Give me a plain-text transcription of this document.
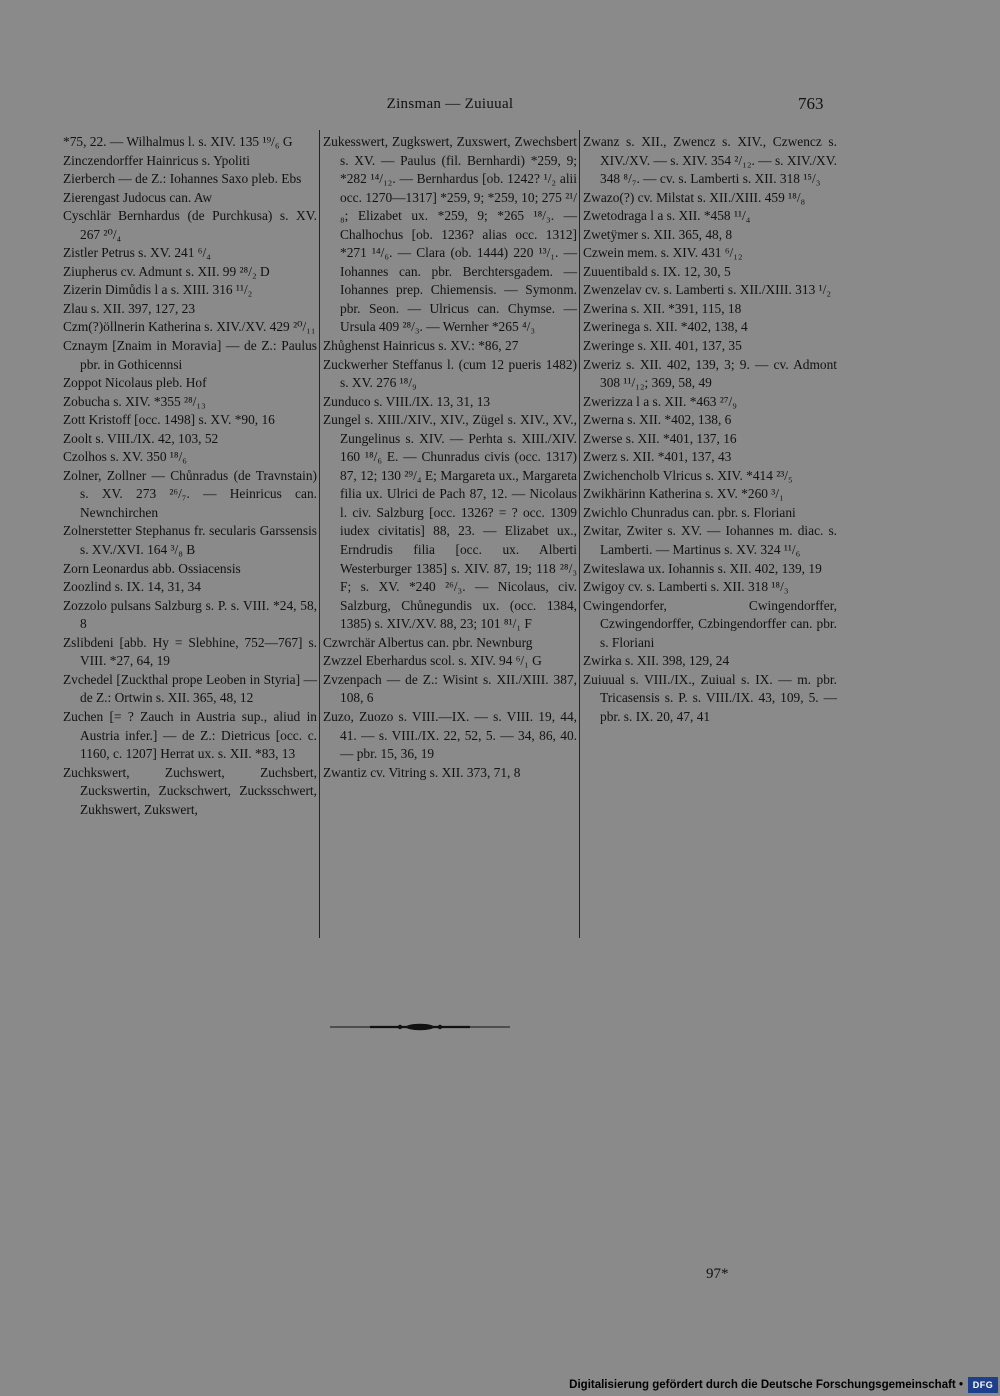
Zinsman — Zuiuual	763
*75, 22. — Wilhalmus l. s. XIV. 135 ¹⁹/₆ G
Zinczendorffer Hainricus s. Ypoliti
Zierberch — de Z.: Iohannes Saxo pleb. Ebs
Zierengast Judocus can. Aw
Cyschlär Bernhardus (de Purchkusa) s. XV. 267 ²⁰/₄
Zistler Petrus s. XV. 241 ⁶/₄
Ziupherus cv. Admunt s. XII. 99 ²⁸/₂ D
Zizerin Dimůdis l a s. XIII. 316 ¹¹/₂
Zlau s. XII. 397, 127, 23
Czm(?)öllnerin Katherina s. XIV./XV. 429 ²⁰/₁₁
Cznaym [Znaim in Moravia] — de Z.: Paulus pbr. in Gothicennsi
Zoppot Nicolaus pleb. Hof
Zobucha s. XIV. *355 ²⁸/₁₃
Zott Kristoff [occ. 1498] s. XV. *90, 16
Zoolt s. VIII./IX. 42, 103, 52
Czolhos s. XV. 350 ¹⁸/₆
Zolner, Zollner — Chůnradus (de Travnstain) s. XV. 273 ²⁶/₇. — Heinricus can. Newnchirchen
Zolnerstetter Stephanus fr. secularis Garssensis s. XV./XVI. 164 ³/₈ B
Zorn Leonardus abb. Ossiacensis
Zoozlind s. IX. 14, 31, 34
Zozzolo pulsans Salzburg s. P. s. VIII. *24, 58, 8
Zslibdeni [abb. Hy = Slebhine, 752—767] s. VIII. *27, 64, 19
Zvchedel [Zuckthal prope Leoben in Styria] — de Z.: Ortwin s. XII. 365, 48, 12
Zuchen [= ? Zauch in Austria sup., aliud in Austria infer.] — de Z.: Dietricus [occ. c. 1160, c. 1207] Herrat ux. s. XII. *83, 13
Zuchkswert, Zuchswert, Zuchsbert, Zuckswertin, Zuckschwert, Zucksschwert, Zukhswert, Zukswert,
Zukesswert, Zugkswert, Zuxswert, Zwechsbert s. XV. — Paulus (fil. Bernhardi) *259, 9; *282 ¹⁴/₁₂. — Bernhardus [ob. 1242? ¹/₂ alii occ. 1270—1317] *259, 9; *259, 10; 275 ²¹/₈; Elizabet ux. *259, 9; *265 ¹⁸/₃. — Chalhochus [ob. 1236? alias occ. 1312] *271 ¹⁴/₆. — Clara (ob. 1444) 220 ¹³/₁. — Iohannes can. pbr. Berchtersgadem. — Iohannes prep. Chiemensis. — Symonm. pbr. Seon. — Ulricus can. Chymse. — Ursula 409 ²⁸/₃. — Wernher *265 ⁴/₃
Zhůghenst Hainricus s. XV.: *86, 27
Zuckwerher Steffanus l. (cum 12 pueris 1482) s. XV. 276 ¹⁸/₉
Zunduco s. VIII./IX. 13, 31, 13
Zungel s. XIII./XIV., XIV., Zügel s. XIV., XV., Zungelinus s. XIV. — Perhta s. XIII./XIV. 160 ¹⁸/₆ E. — Chunradus civis (occ. 1317) 87, 12; 130 ²⁹/₄ E; Margareta ux., Margareta filia ux. Ulrici de Pach 87, 12. — Nicolaus l. civ. Salzburg [occ. 1326? = ? occ. 1309 iudex civitatis] 88, 23. — Elizabet ux., Erndrudis filia [occ. ux. Alberti Westerburger 1385] s. XIV. 87, 19; 118 ²⁸/₃ F; s. XV. *240 ²⁶/₃. — Nicolaus, civ. Salzburg, Chůnegundis ux. (occ. 1384, 1385) s. XIV./XV. 88, 23; 101 ⁸¹/₁ F
Czwrchär Albertus can. pbr. Newnburg
Zwzzel Eberhardus scol. s. XIV. 94 ⁶/₁ G
Zvzenpach — de Z.: Wisint s. XII./XIII. 387, 108, 6
Zuzo, Zuozo s. VIII.—IX. — s. VIII. 19, 44, 41. — s. VIII./IX. 22, 52, 5. — 34, 86, 40. — pbr. 15, 36, 19
Zwantiz cv. Vitring s. XII. 373, 71, 8
Zwanz s. XII., Zwencz s. XIV., Czwencz s. XIV./XV. — s. XIV. 354 ²/₁₂. — s. XIV./XV. 348 ⁸/₇. — cv. s. Lamberti s. XII. 318 ¹⁵/₃
Zwazo(?) cv. Milstat s. XII./XIII. 459 ¹⁸/₈
Zwetodraga l a s. XII. *458 ¹¹/₄
Zwetÿmer s. XII. 365, 48, 8
Czwein mem. s. XIV. 431 ⁶/₁₂
Zuuentibald s. IX. 12, 30, 5
Zwenzelav cv. s. Lamberti s. XII./XIII. 313 ¹/₂
Zwerina s. XII. *391, 115, 18
Zwerinega s. XII. *402, 138, 4
Zweringe s. XII. 401, 137, 35
Zweriz s. XII. 402, 139, 3; 9. — cv. Admont 308 ¹¹/₁₂; 369, 58, 49
Zwerizza l a s. XII. *463 ²⁷/₉
Zwerna s. XII. *402, 138, 6
Zwerse s. XII. *401, 137, 16
Zwerz s. XII. *401, 137, 43
Zwichencholb Vlricus s. XIV. *414 ²³/₅
Zwikhärinn Katherina s. XV. *260 ³/₁
Zwichlo Chunradus can. pbr. s. Floriani
Zwitar, Zwiter s. XV. — Iohannes m. diac. s. Lamberti. — Martinus s. XV. 324 ¹¹/₆
Zwiteslawa ux. Iohannis s. XII. 402, 139, 19
Zwigoy cv. s. Lamberti s. XII. 318 ¹⁸/₃
Cwingendorfer, Cwingendorffer, Czwingendorffer, Czbingendorffer can. pbr. s. Floriani
Zwirka s. XII. 398, 129, 24
Zuiuual s. VIII./IX., Zuiual s. IX. — m. pbr. Tricasensis s. P. s. VIII./IX. 43, 109, 5. — pbr. s. IX. 20, 47, 41
97*
Digitalisierung gefördert durch die Deutsche Forschungsgemeinschaft •	DFG
